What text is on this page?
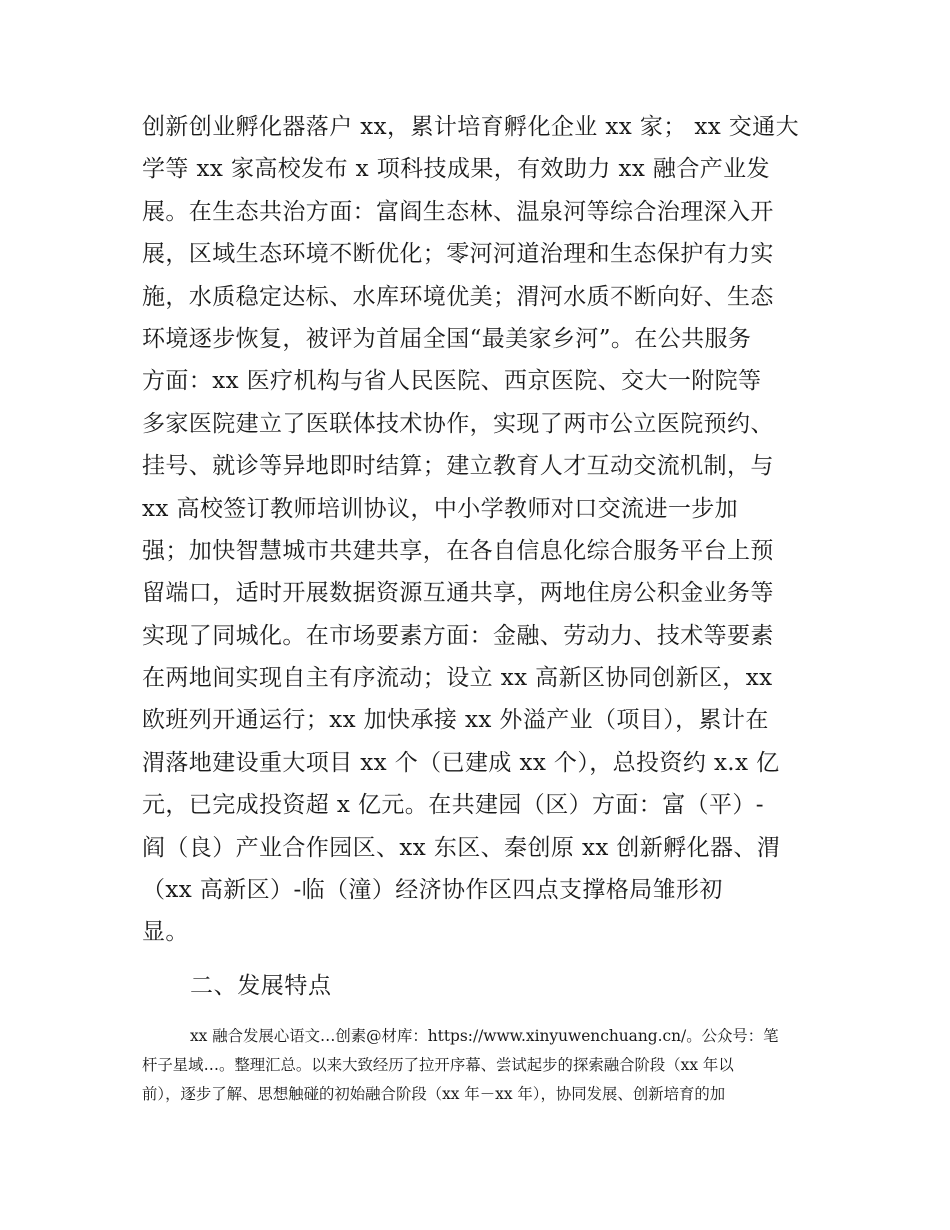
创新创业孵化器落户 xx，累计培育孵化企业 xx 家； xx 交通大
学等 xx 家高校发布 x 项科技成果，有效助力 xx 融合产业发
展。在生态共治方面：富阎生态林、温泉河等综合治理深入开
展，区域生态环境不断优化；零河河道治理和生态保护有力实
施，水质稳定达标、水库环境优美；渭河水质不断向好、生态
环境逐步恢复，被评为首届全国“最美家乡河”。在公共服务
方面：xx 医疗机构与省人民医院、西京医院、交大一附院等
多家医院建立了医联体技术协作，实现了两市公立医院预约、
挂号、就诊等异地即时结算；建立教育人才互动交流机制，与
xx 高校签订教师培训协议，中小学教师对口交流进一步加
强；加快智慧城市共建共享，在各自信息化综合服务平台上预
留端口，适时开展数据资源互通共享，两地住房公积金业务等
实现了同城化。在市场要素方面：金融、劳动力、技术等要素
在两地间实现自主有序流动；设立 xx 高新区协同创新区，xx
欧班列开通运行；xx 加快承接 xx 外溢产业（项目），累计在
渭落地建设重大项目 xx 个（已建成 xx 个），总投资约 x.x 亿
元，已完成投资超 x 亿元。在共建园（区）方面：富（平）-
阎（良）产业合作园区、xx 东区、秦创原 xx 创新孵化器、渭
（xx 高新区）-临（潼）经济协作区四点支撑格局雏形初
显。
二、发展特点
xx 融合发展心语文…创素@材库：https://www.xinyuwenchuang.cn/。公众号：笔
杆子星域…。整理汇总。以来大致经历了拉开序幕、尝试起步的探索融合阶段（xx 年以
前），逐步了解、思想触碰的初始融合阶段（xx 年－xx 年），协同发展、创新培育的加
